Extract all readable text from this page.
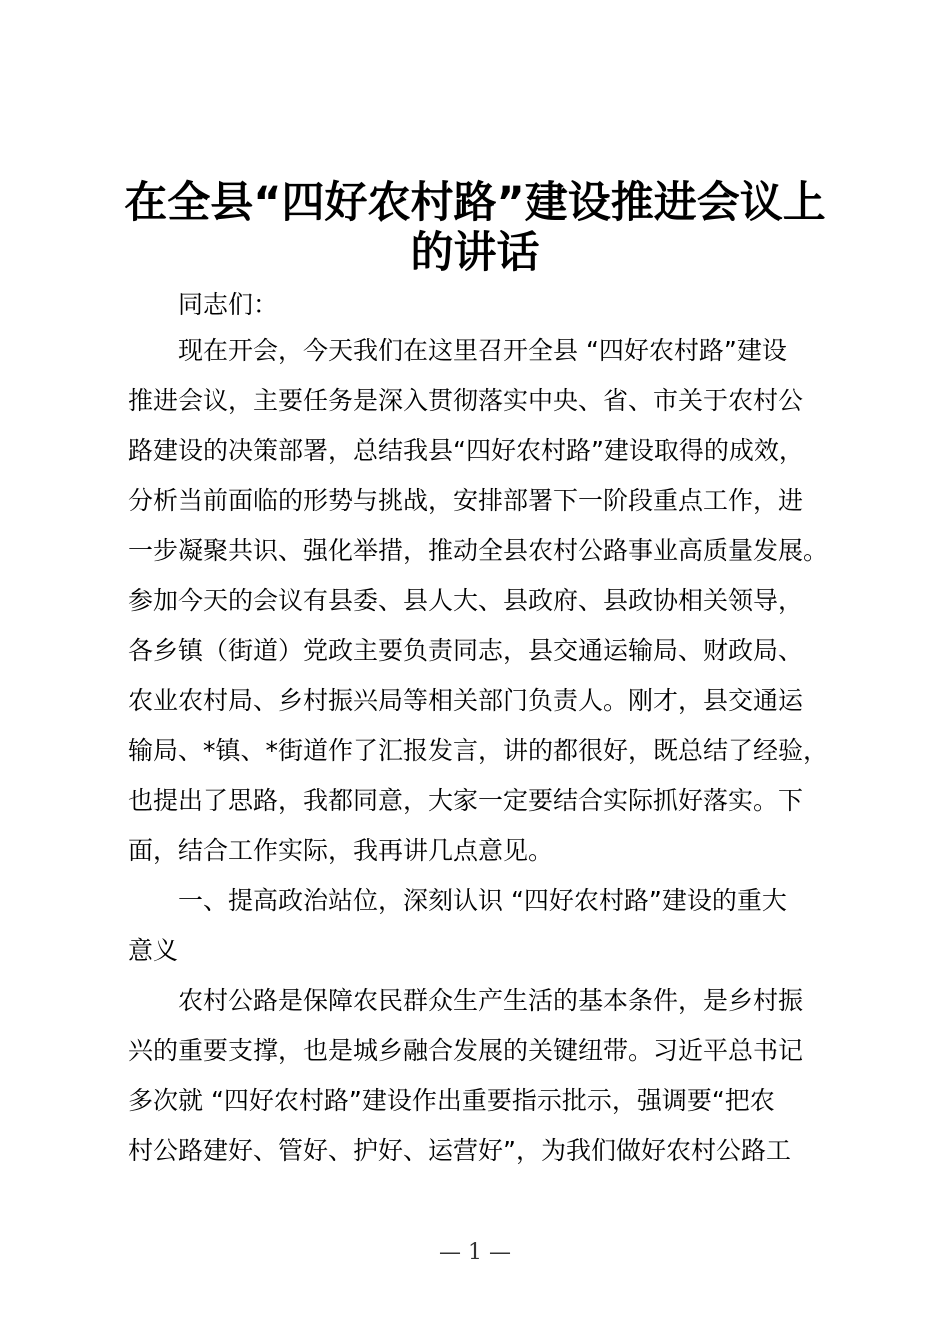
在全县“四好农村路”建设推进会议上
的讲话
同志们：
现在开会，今天我们在这里召开全县 “四好农村路”建设
推进会议，主要任务是深入贯彻落实中央、省、市关于农村公
路建设的决策部署，总结我县“四好农村路”建设取得的成效，
分析当前面临的形势与挑战，安排部署下一阶段重点工作，进
一步凝聚共识、强化举措，推动全县农村公路事业高质量发展。
参加今天的会议有县委、县人大、县政府、县政协相关领导，
各乡镇（街道）党政主要负责同志，县交通运输局、财政局、
农业农村局、乡村振兴局等相关部门负责人。刚才，县交通运
输局、*镇、*街道作了汇报发言，讲的都很好，既总结了经验，
也提出了思路，我都同意，大家一定要结合实际抓好落实。下
面，结合工作实际，我再讲几点意见。
一、提高政治站位，深刻认识 “四好农村路”建设的重大
意义
农村公路是保障农民群众生产生活的基本条件，是乡村振
兴的重要支撑，也是城乡融合发展的关键纽带。习近平总书记
多次就 “四好农村路”建设作出重要指示批示，强调要“把农
村公路建好、管好、护好、运营好”，为我们做好农村公路工
— 1 —
